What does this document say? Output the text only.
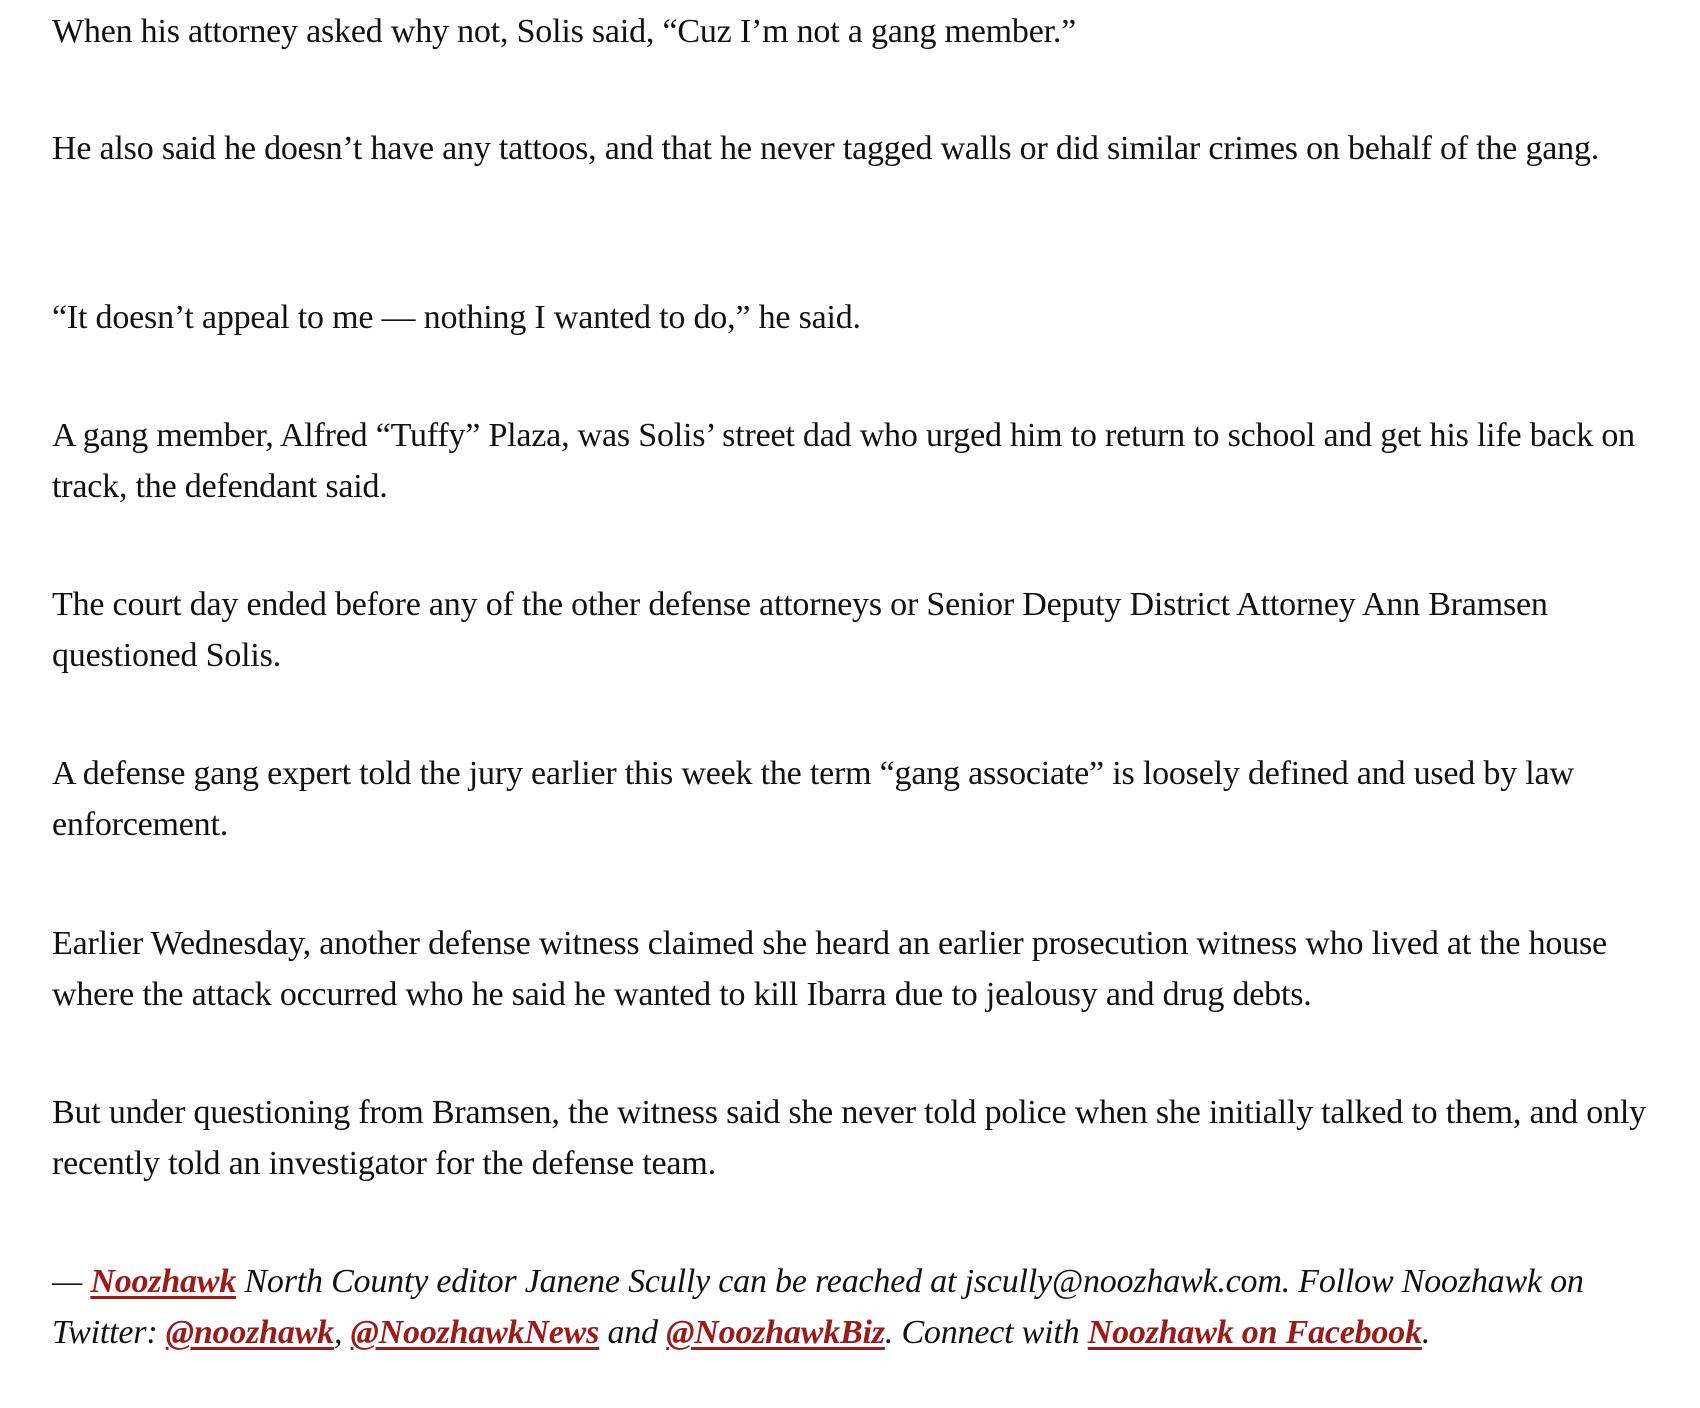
When his attorney asked why not, Solis said, “Cuz I’m not a gang member.”

He also said he doesn’t have any tattoos, and that he never tagged walls or did similar crimes on behalf of the gang.

“It doesn’t appeal to me — nothing I wanted to do,” he said.

A gang member, Alfred “Tuffy” Plaza, was Solis’ street dad who urged him to return to school and get his life back on track, the defendant said.

The court day ended before any of the other defense attorneys or Senior Deputy District Attorney Ann Bramsen questioned Solis.

A defense gang expert told the jury earlier this week the term “gang associate” is loosely defined and used by law enforcement.

Earlier Wednesday, another defense witness claimed she heard an earlier prosecution witness who lived at the house where the attack occurred who he said he wanted to kill Ibarra due to jealousy and drug debts.

But under questioning from Bramsen, the witness said she never told police when she initially talked to them, and only recently told an investigator for the defense team.

— Noozhawk North County editor Janene Scully can be reached at jscully@noozhawk.com. Follow Noozhawk on Twitter: @noozhawk, @NoozhawkNews and @NoozhawkBiz. Connect with Noozhawk on Facebook.
